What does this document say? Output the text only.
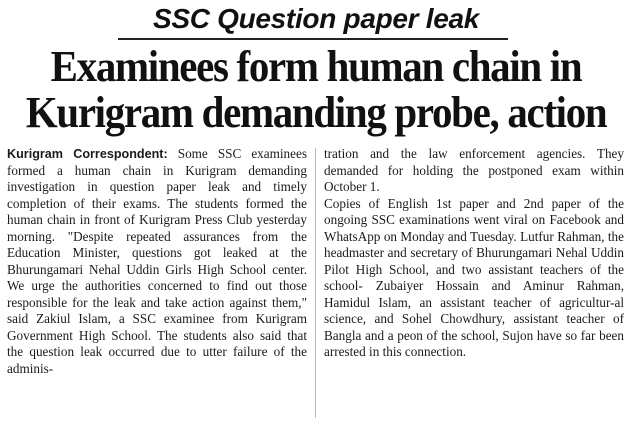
SSC Question paper leak
Examinees form human chain in
Kurigram demanding probe, action

Kurigram Correspondent: Some SSC examinees formed a human chain in Kurigram demanding investigation in question paper leak and timely completion of their exams. The students formed the human chain in front of Kurigram Press Club yesterday morning. "Despite repeated assurances from the Education Minister, questions got leaked at the Bhurungamari Nehal Uddin Girls High School center. We urge the authorities concerned to find out those responsible for the leak and take action against them," said Zakiul Islam, a SSC examinee from Kurigram Government High School. The students also said that the question leak occurred due to utter failure of the adminis-

tration and the law enforcement agencies. They demanded for holding the postponed exam within October 1.

Copies of English 1st paper and 2nd paper of the ongoing SSC examinations went viral on Facebook and WhatsApp on Monday and Tuesday. Lutfur Rahman, the headmaster and secretary of Bhurungamari Nehal Uddin Pilot High School, and two assistant teachers of the school- Zubaiyer Hossain and Aminur Rahman, Hamidul Islam, an assistant teacher of agricultur-al science, and Sohel Chowdhury, assistant teacher of Bangla and a peon of the school, Sujon have so far been arrested in this connection.
